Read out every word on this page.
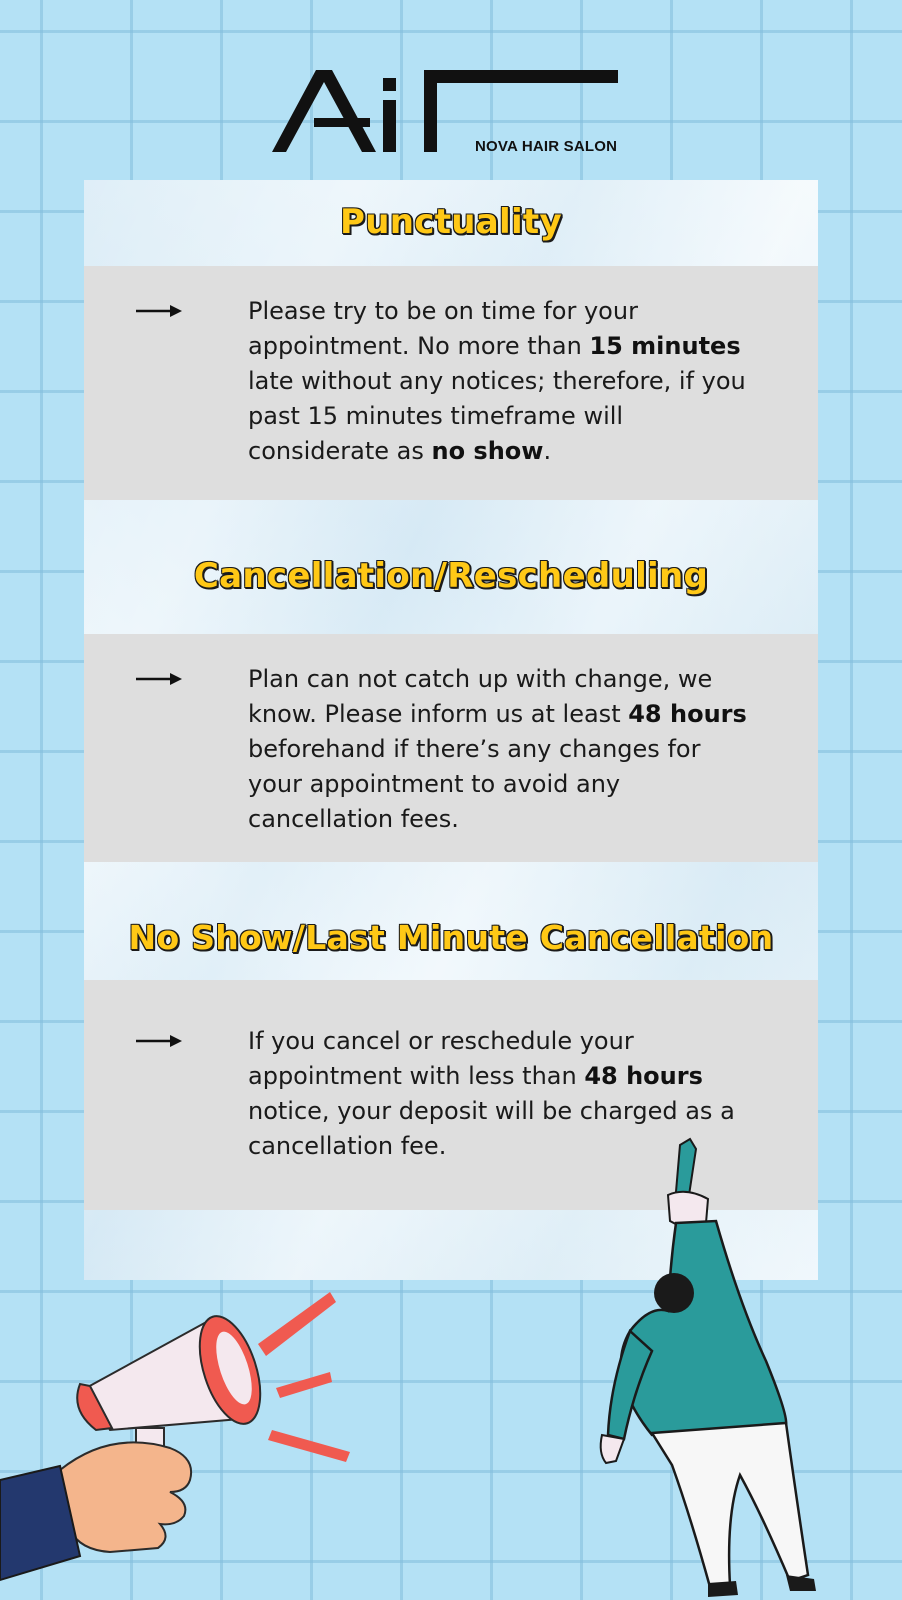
NOVA HAIR SALON
Punctuality

Please try to be on time for your appointment. No more than 15 minutes late without any notices; therefore, if you past 15 minutes timeframe will considerate as no show.

Cancellation/Rescheduling

Plan can not catch up with change, we know. Please inform us at least 48 hours beforehand if there’s any changes for your appointment to avoid any cancellation fees.

No Show/Last Minute Cancellation

If you cancel or reschedule your appointment with less than 48 hours notice, your deposit will be charged as a cancellation fee.
